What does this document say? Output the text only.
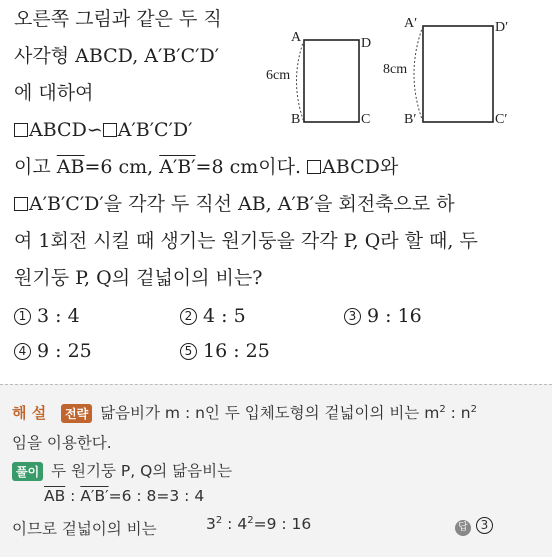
오른쪽 그림과 같은 두 직
사각형 ABCD, A′B′C′D′
에 대하여
ABCD∽ A′B′C′D′
이고 $\overline{AB}=6$ cm, A′B′=8 cm이다. ABCD와
A′B′C′D′을 각각 두 직선 AB, A′B′을 회전축으로 하
여 1회전 시킬 때 생기는 원기둥을 각각 P, Q라 할 때, 두
원기둥 P, Q의 겉넓이의 비는?
A	D
B	C
6cm
A′	D′
B′	C′
8cm
1 3 : 4	2 4 : 5	3 9 : 16
4 9 : 25	5 16 : 25
해 설 전략 닮음비가 m : n인 두 입체도형의 겉넓이의 비는 $m^2$ : $n^2$
임을 이용한다.
풀이 두 원기둥 P, Q의 닮음비는
$\overline{AB}$ : A′B′=6 : 8=3 : 4
이므로 겉넓이의 비는	$3^2$ : $4^2=9$ : 16	답 3
